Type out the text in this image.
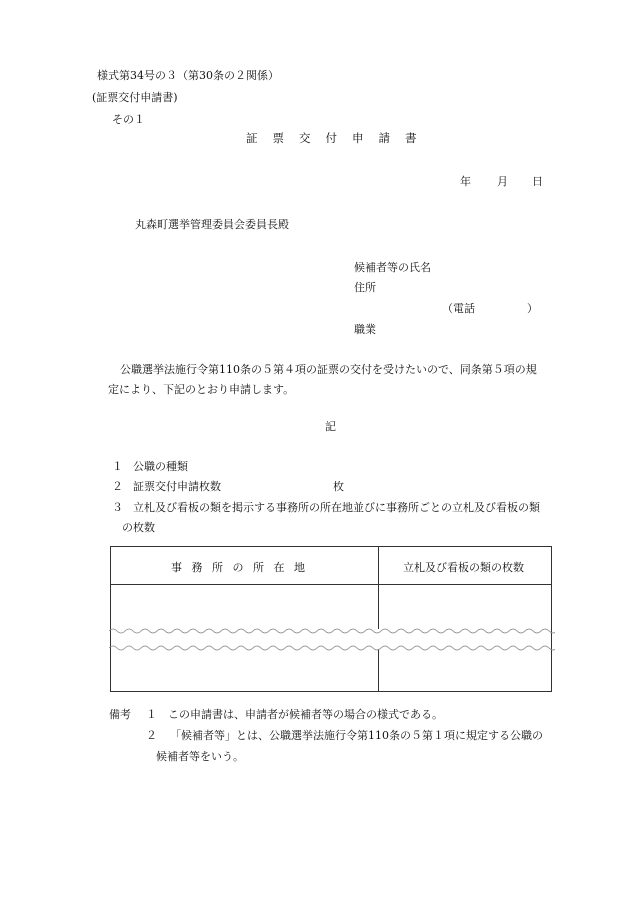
様式第34号の３（第30条の２関係）
(証票交付申請書)
その１
証票交付申請書
年 月 日
丸森町選挙管理委員会委員長殿
候補者等の氏名
住所
（電話	）
職業
公職選挙法施行令第110条の５第４項の証票の交付を受けたいので、同条第５項の規
定により、下記のとおり申請します。
記
１ 公職の種類
２ 証票交付申請枚数	枚
３ 立札及び看板の類を掲示する事務所の所在地並びに事務所ごとの立札及び看板の類
の枚数
事 務 所 の 所 在 地	立札及び看板の類の枚数
備考 １ この申請書は、申請者が候補者等の場合の様式である。
２ 「候補者等」とは、公職選挙法施行令第110条の５第１項に規定する公職の
候補者等をいう。
